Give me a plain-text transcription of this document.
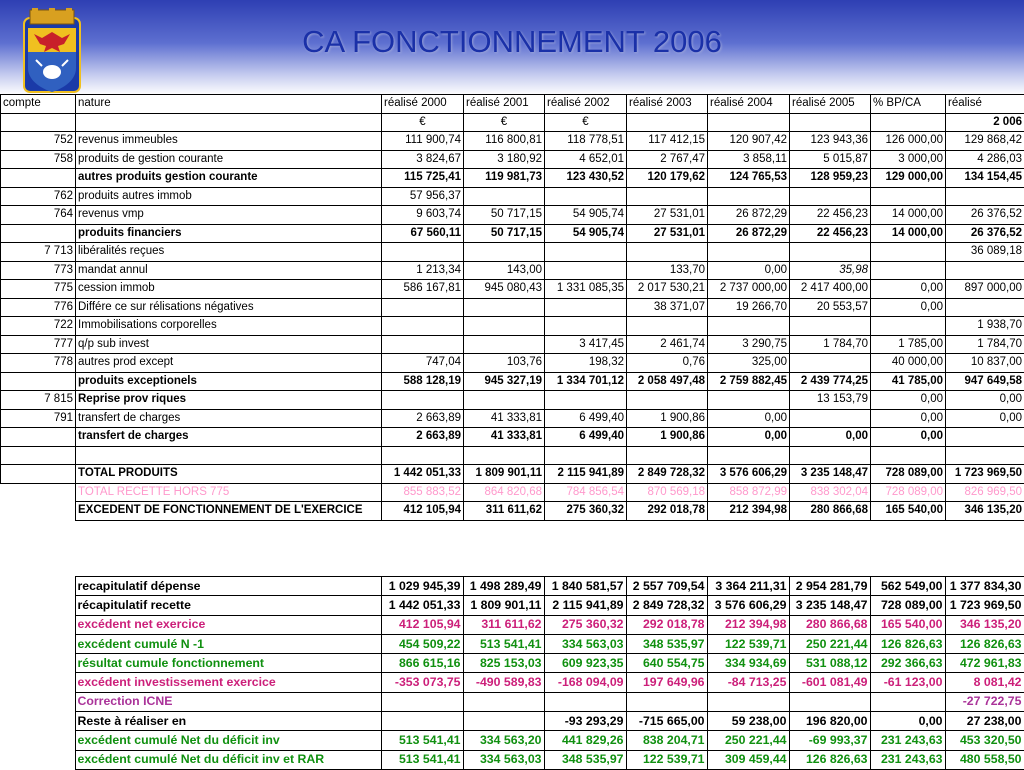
CA FONCTIONNEMENT 2006
compte	nature	réalisé 2000	réalisé 2001	réalisé 2002	réalisé 2003	réalisé 2004	réalisé 2005	% BP/CA	réalisé
		€	€	€					2 006
752	revenus immeubles	111 900,74	116 800,81	118 778,51	117 412,15	120 907,42	123 943,36	126 000,00	129 868,42
758	produits de gestion courante	3 824,67	3 180,92	4 652,01	2 767,47	3 858,11	5 015,87	3 000,00	4 286,03
	autres produits gestion courante	115 725,41	119 981,73	123 430,52	120 179,62	124 765,53	128 959,23	129 000,00	134 154,45
762	produits autres immob	57 956,37							
764	revenus vmp	9 603,74	50 717,15	54 905,74	27 531,01	26 872,29	22 456,23	14 000,00	26 376,52
	produits financiers	67 560,11	50 717,15	54 905,74	27 531,01	26 872,29	22 456,23	14 000,00	26 376,52
7 713	libéralités reçues								36 089,18
773	mandat annul	1 213,34	143,00		133,70	0,00	35,98		
775	cession immob	586 167,81	945 080,43	1 331 085,35	2 017 530,21	2 737 000,00	2 417 400,00	0,00	897 000,00
776	Différe ce sur rélisations négatives				38 371,07	19 266,70	20 553,57	0,00	
722	Immobilisations corporelles								1 938,70
777	q/p sub invest			3 417,45	2 461,74	3 290,75	1 784,70	1 785,00	1 784,70
778	autres prod except	747,04	103,76	198,32	0,76	325,00		40 000,00	10 837,00
	produits exceptionels	588 128,19	945 327,19	1 334 701,12	2 058 497,48	2 759 882,45	2 439 774,25	41 785,00	947 649,58
7 815	Reprise prov riques						13 153,79	0,00	0,00
791	transfert de charges	2 663,89	41 333,81	6 499,40	1 900,86	0,00		0,00	0,00
	transfert de charges	2 663,89	41 333,81	6 499,40	1 900,86	0,00	0,00	0,00	

	TOTAL PRODUITS	1 442 051,33	1 809 901,11	2 115 941,89	2 849 728,32	3 576 606,29	3 235 148,47	728 089,00	1 723 969,50
	TOTAL RECETTE HORS 775	855 883,52	864 820,68	784 856,54	870 569,18	858 872,99	838 302,04	728 089,00	826 969,50
	EXCEDENT DE FONCTIONNEMENT DE L'EXERCICE	412 105,94	311 611,62	275 360,32	292 018,78	212 394,98	280 866,68	165 540,00	346 135,20
	recapitulatif dépense	1 029 945,39	1 498 289,49	1 840 581,57	2 557 709,54	3 364 211,31	2 954 281,79	562 549,00	1 377 834,30
	récapitulatif recette	1 442 051,33	1 809 901,11	2 115 941,89	2 849 728,32	3 576 606,29	3 235 148,47	728 089,00	1 723 969,50
	excédent net exercice	412 105,94	311 611,62	275 360,32	292 018,78	212 394,98	280 866,68	165 540,00	346 135,20
	excédent cumulé N -1	454 509,22	513 541,41	334 563,03	348 535,97	122 539,71	250 221,44	126 826,63	126 826,63
	résultat cumule fonctionnement	866 615,16	825 153,03	609 923,35	640 554,75	334 934,69	531 088,12	292 366,63	472 961,83
	excédent investissement exercice	-353 073,75	-490 589,83	-168 094,09	197 649,96	-84 713,25	-601 081,49	-61 123,00	8 081,42
	Correction ICNE								-27 722,75
	Reste à réaliser en			-93 293,29	-715 665,00	59 238,00	196 820,00	0,00	27 238,00
	excédent cumulé Net du déficit inv	513 541,41	334 563,20	441 829,26	838 204,71	250 221,44	-69 993,37	231 243,63	453 320,50
	excédent cumulé Net du déficit inv et RAR	513 541,41	334 563,03	348 535,97	122 539,71	309 459,44	126 826,63	231 243,63	480 558,50
